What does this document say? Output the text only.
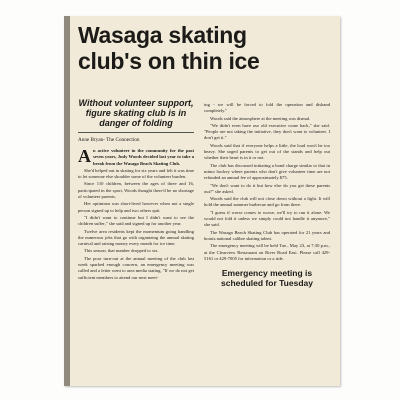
Wasaga skating
club's on thin ice
Without volunteer support, figure skating club is in danger of folding
Anne Bryan- The Connection

An active volunteer in the community for the past seven years, Judy Woods decided last year to take a break from the Wasaga Beach Skating Club.

She'd helped out in skating for six years and felt it was time to let someone else shoulder some of the volunteer burden.

Since 110 children, between the ages of three and 16, participated in the sport, Woods thought there'd be no shortage of volunteer parents.

Her optimism was short-lived however when not a single person signed up to help and two others quit.

"I didn't want to continue but I didn't want to see the children suffer," she said and signed up for another year.

Twelve area residents kept the momentum going handling the numerous jobs that go with organizing the annual skating carnival and raising money every month for ice time.

This season, that number dropped to six.

The poor turn-out at the annual meeting of the club last week sparked enough concern, an emergency meeting was called and a letter went to area media stating, "If we do not get sufficient members to attend our next meet-

ing - we will be forced to fold the operation and disband completely."

Woods said the atmosphere at the meeting was dismal.

"We didn't even have our old executive come back," she said. "People are not taking the initiative, they don't want to volunteer. I don't get it."

Woods said that if everyone helps a little, the load won't be too heavy. She urged parents to get out of the stands and help out whether their heart is in it or not.

The club has discussed initiating a bond charge similar to that in minor hockey where parents who don't give volunteer time are not refunded an annual fee of approximately $75.

"We don't want to do it but how else do you get these parents out?" she asked.

Woods said the club will not close down without a fight. It will hold the annual summer barbecue and go from there.

"I guess if worse comes to worse, we'll try to run it alone. We would not fold it unless we simply could not handle it anymore," she said.

The Wasaga Beach Skating Club has operated for 21 years and boasts national calibre skating talent.

The emergency meeting will be held Tue., May 23, at 7:30 p.m., at the Clearview Restaurant on River Road East. Please call 429-5161 or 429-7005 for information or a ride.

Emergency meeting is scheduled for Tuesday
